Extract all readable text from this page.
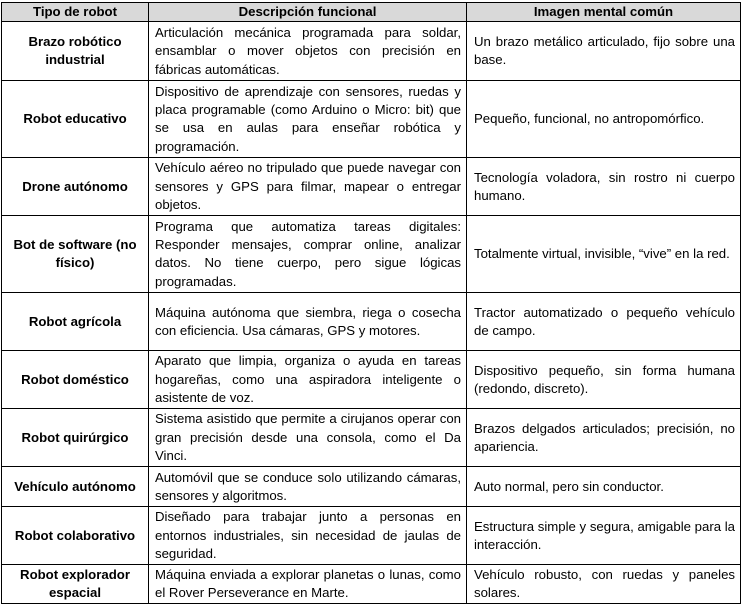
Tipo de robot	Descripción funcional	Imagen mental común
Brazo robótico industrial	Articulación mecánica programada para soldar, ensamblar o mover objetos con precisión en fábricas automáticas.	Un brazo metálico articulado, fijo sobre una base.
Robot educativo	Dispositivo de aprendizaje con sensores, ruedas y placa programable (como Arduino o Micro: bit) que se usa en aulas para enseñar robótica y programación.	Pequeño, funcional, no antropomórfico.
Drone autónomo	Vehículo aéreo no tripulado que puede navegar con sensores y GPS para filmar, mapear o entregar objetos.	Tecnología voladora, sin rostro ni cuerpo humano.
Bot de software (no físico)	Programa que automatiza tareas digitales: Responder mensajes, comprar online, analizar datos. No tiene cuerpo, pero sigue lógicas programadas.	Totalmente virtual, invisible, “vive” en la red.
Robot agrícola	Máquina autónoma que siembra, riega o cosecha con eficiencia. Usa cámaras, GPS y motores.	Tractor automatizado o pequeño vehículo de campo.
Robot doméstico	Aparato que limpia, organiza o ayuda en tareas hogareñas, como una aspiradora inteligente o asistente de voz.	Dispositivo pequeño, sin forma humana (redondo, discreto).
Robot quirúrgico	Sistema asistido que permite a cirujanos operar con gran precisión desde una consola, como el Da Vinci.	Brazos delgados articulados; precisión, no apariencia.
Vehículo autónomo	Automóvil que se conduce solo utilizando cámaras, sensores y algoritmos.	Auto normal, pero sin conductor.
Robot colaborativo	Diseñado para trabajar junto a personas en entornos industriales, sin necesidad de jaulas de seguridad.	Estructura simple y segura, amigable para la interacción.
Robot explorador espacial	Máquina enviada a explorar planetas o lunas, como el Rover Perseverance en Marte.	Vehículo robusto, con ruedas y paneles solares.
